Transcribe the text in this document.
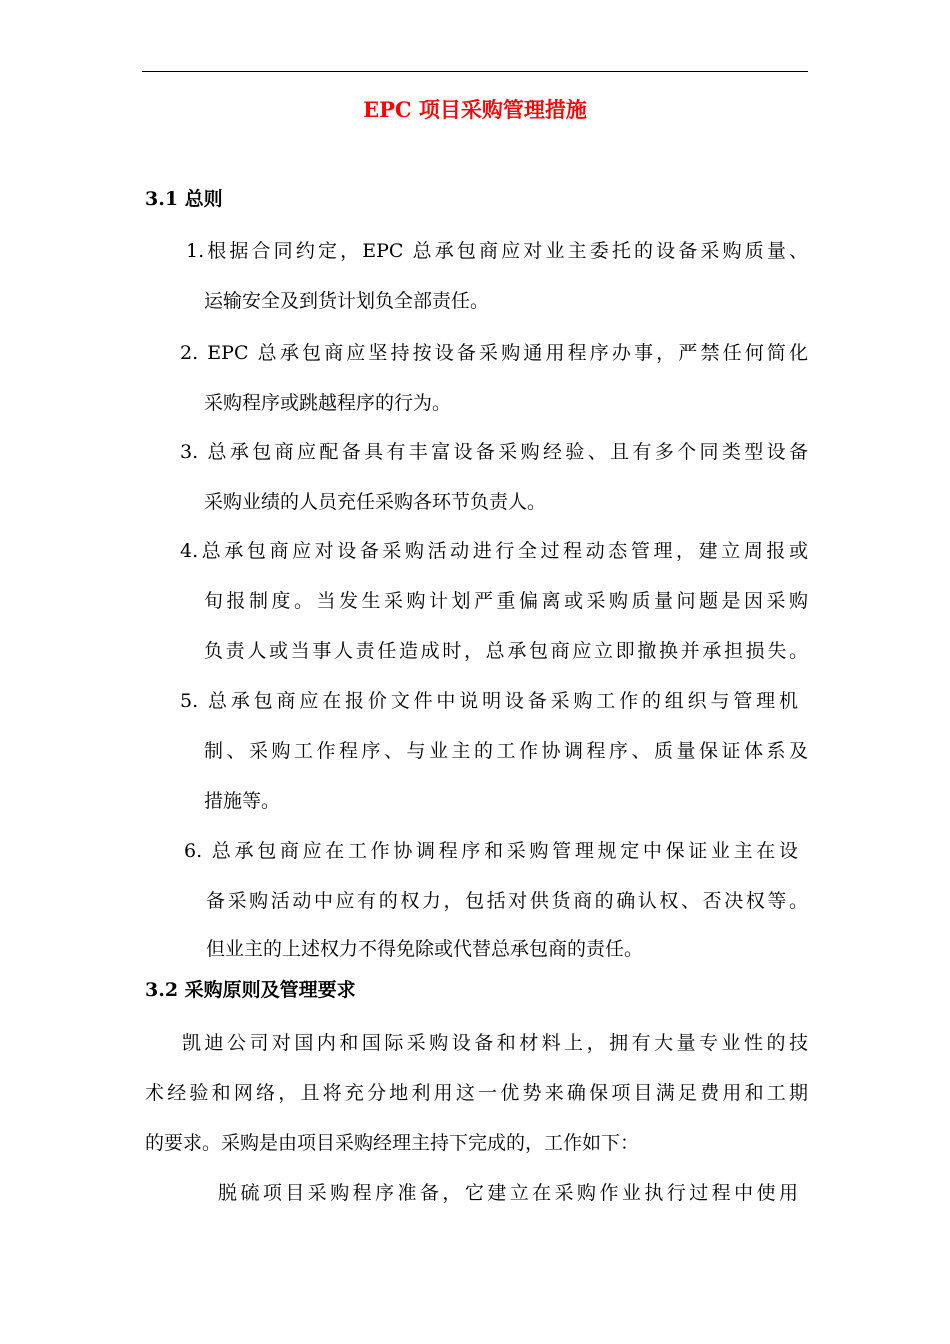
EPC 项目采购管理措施
3.1 总则
1.根据合同约定，EPC 总承包商应对业主委托的设备采购质量、
运输安全及到货计划负全部责任。
2. EPC 总承包商应坚持按设备采购通用程序办事，严禁任何简化
采购程序或跳越程序的行为。
3. 总承包商应配备具有丰富设备采购经验、且有多个同类型设备
采购业绩的人员充任采购各环节负责人。
4.总承包商应对设备采购活动进行全过程动态管理，建立周报或
旬报制度。当发生采购计划严重偏离或采购质量问题是因采购
负责人或当事人责任造成时，总承包商应立即撤换并承担损失。
5. 总承包商应在报价文件中说明设备采购工作的组织与管理机
制、采购工作程序、与业主的工作协调程序、质量保证体系及
措施等。
6. 总承包商应在工作协调程序和采购管理规定中保证业主在设
备采购活动中应有的权力，包括对供货商的确认权、否决权等。
但业主的上述权力不得免除或代替总承包商的责任。
3.2 采购原则及管理要求
凯迪公司对国内和国际采购设备和材料上，拥有大量专业性的技
术经验和网络，且将充分地利用这一优势来确保项目满足费用和工期
的要求。采购是由项目采购经理主持下完成的，工作如下：
脱硫项目采购程序准备，它建立在采购作业执行过程中使用
